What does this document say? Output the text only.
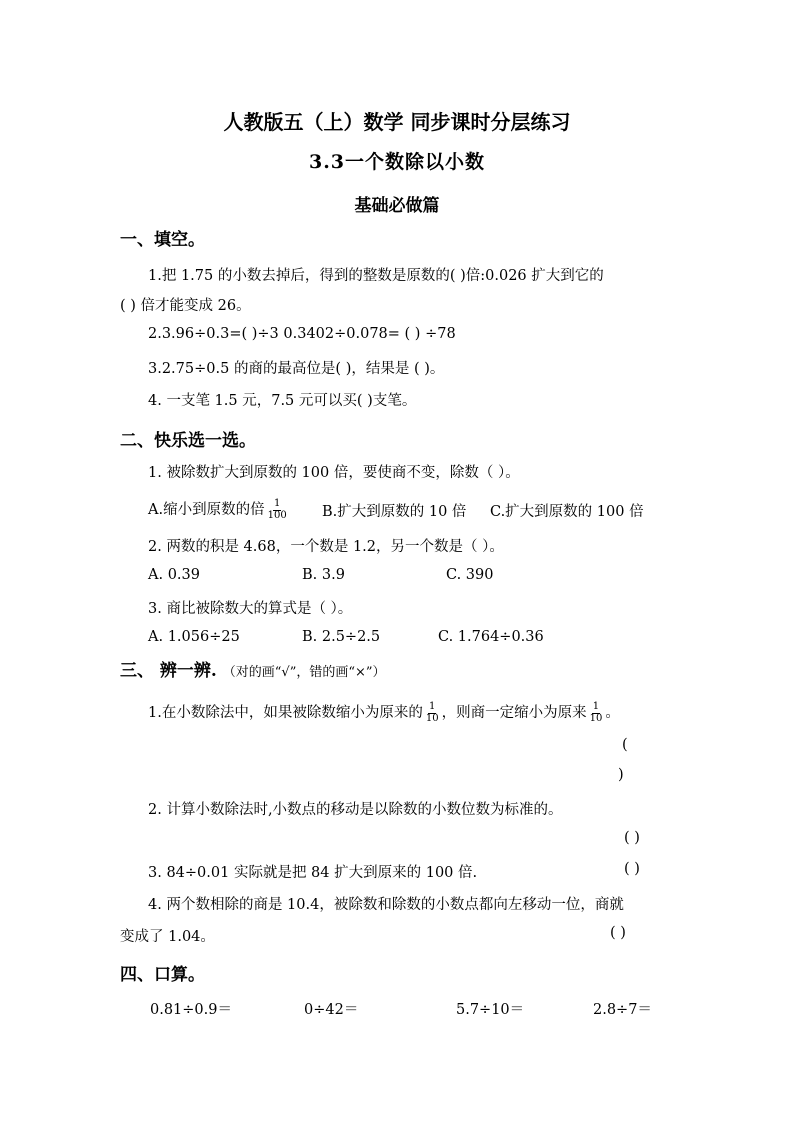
人教版五（上）数学 同步课时分层练习
3.3一个数除以小数
基础必做篇
一、填空。
1.把 1.75 的小数去掉后，得到的整数是原数的( )倍:0.026 扩大到它的
( ) 倍才能变成 26。
2.3.96÷0.3=( )÷3 0.3402÷0.078= ( ) ÷78
3.2.75÷0.5 的商的最高位是( )，结果是 ( )。
4. 一支笔 1.5 元，7.5 元可以买( )支笔。
二、快乐选一选。
1. 被除数扩大到原数的 100 倍，要使商不变，除数（ ）。
A.缩小到原数的倍 $\frac{1}{100} B$.扩大到原数的 10 倍 C.扩大到原数的 100 倍
2. 两数的积是 4.68，一个数是 1.2，另一个数是（ ）。
A. 0.39	B. 3.9	C. 390
3. 商比被除数大的算式是（ ）。
A. 1.056÷25	B. 2.5÷2.5	C. 1.764÷0.36
三、 辨一辨. （对的画“√”，错的画“×”）
1.在小数除法中，如果被除数缩小为原来的 $\frac{1}{10}$ ，则商一定缩小为原来 $\frac{1}{10}$ 。
(
)
2. 计算小数除法时,小数点的移动是以除数的小数位数为标准的。
( )
3. 84÷0.01 实际就是把 84 扩大到原来的 100 倍.	( )
4. 两个数相除的商是 10.4，被除数和除数的小数点都向左移动一位，商就
变成了 1.04。	( )
四、口算。
0.81÷0.9＝	0÷42＝	5.7÷10＝	2.8÷7＝
